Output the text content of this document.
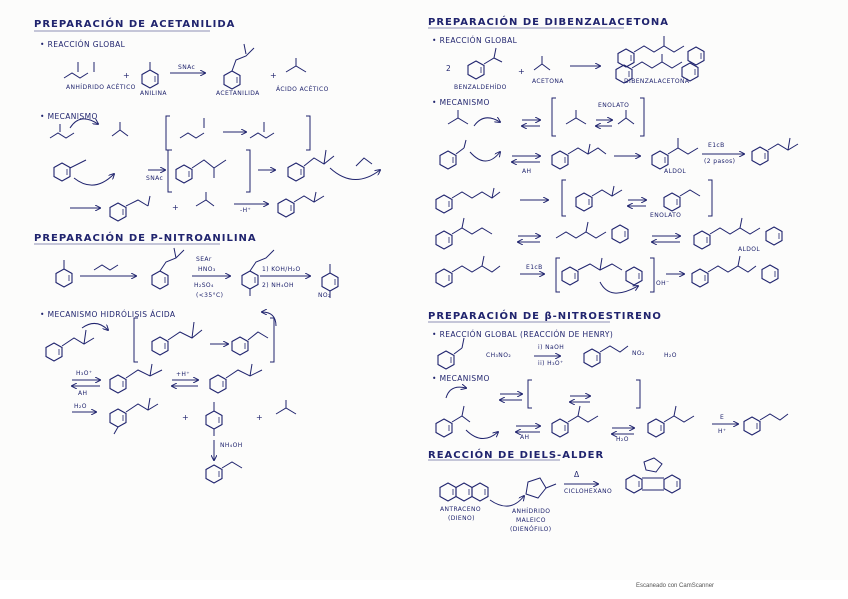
+	+
+
+	+
+
PREPARACIÓN DE ACETANILIDA
• REACCIÓN GLOBAL
ANHÍDRIDO ACÉTICO
ANILINA
SNAc
ACETANILIDA
ÁCIDO ACÉTICO
• MECANISMO
SNAc
-H⁺
PREPARACIÓN DE P-NITROANILINA
SEAr
HNO₃
H₂SO₄
(<35°C)
1) KOH/H₂O
2) NH₄OH
NO₂
• MECANISMO HIDRÓLISIS ÁCIDA
H₃O⁺
AH
+H⁺
H₂O
NH₄OH
PREPARACIÓN DE DIBENZALACETONA
• REACCIÓN GLOBAL
2
BENZALDEHÍDO
ACETONA	DIBENZALACETONA
• MECANISMO	ENOLATO
AH	ALDOL
E1cB
(2 pasos)
ENOLATO
ALDOL
E1cB
OH⁻
PREPARACIÓN DE β-NITROESTIRENO
• REACCIÓN GLOBAL (REACCIÓN DE HENRY)
CH₃NO₂
i) NaOH
ii) H₃O⁺
NO₂	H₂O
• MECANISMO
AH	H₂O
E
H⁺
REACCIÓN DE DIELS-ALDER
Δ
CICLOHEXANO
ANTRACENO
(DIENO)
ANHÍDRIDO
MALEICO
(DIENÓFILO)
Escaneado con CamScanner
